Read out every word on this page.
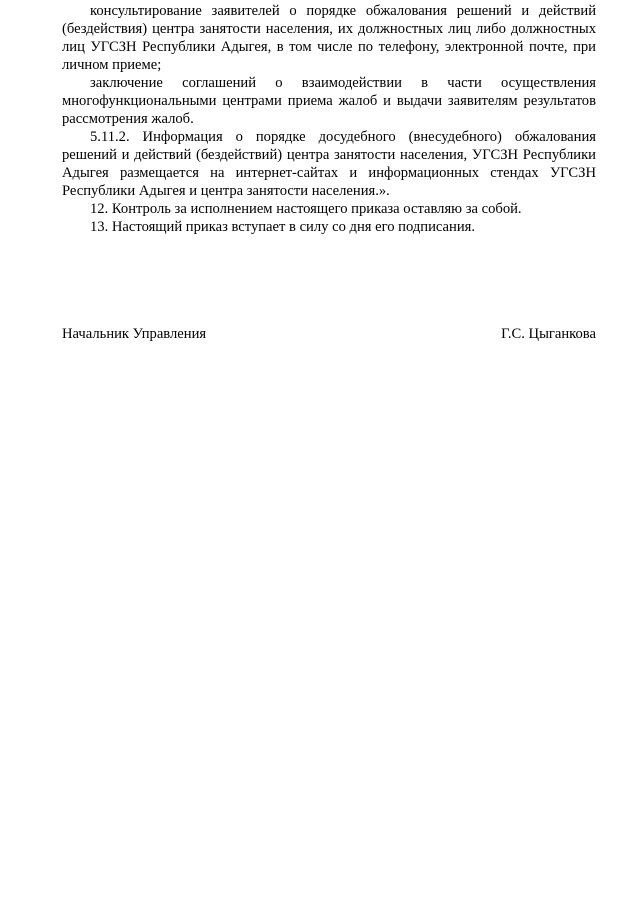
консультирование заявителей о порядке обжалования решений и действий (бездействия) центра занятости населения, их должностных лиц либо должностных лиц УГСЗН Республики Адыгея, в том числе по телефону, электронной почте, при личном приеме;

заключение соглашений о взаимодействии в части осуществления многофункциональными центрами приема жалоб и выдачи заявителям результатов рассмотрения жалоб.

5.11.2. Информация о порядке досудебного (внесудебного) обжалования решений и действий (бездействий) центра занятости населения, УГСЗН Республики Адыгея размещается на интернет-сайтах и информационных стендах УГСЗН Республики Адыгея и центра занятости населения.».

12. Контроль за исполнением настоящего приказа оставляю за собой.

13. Настоящий приказ вступает в силу со дня его подписания.

Начальник Управления	Г.С. Цыганкова
